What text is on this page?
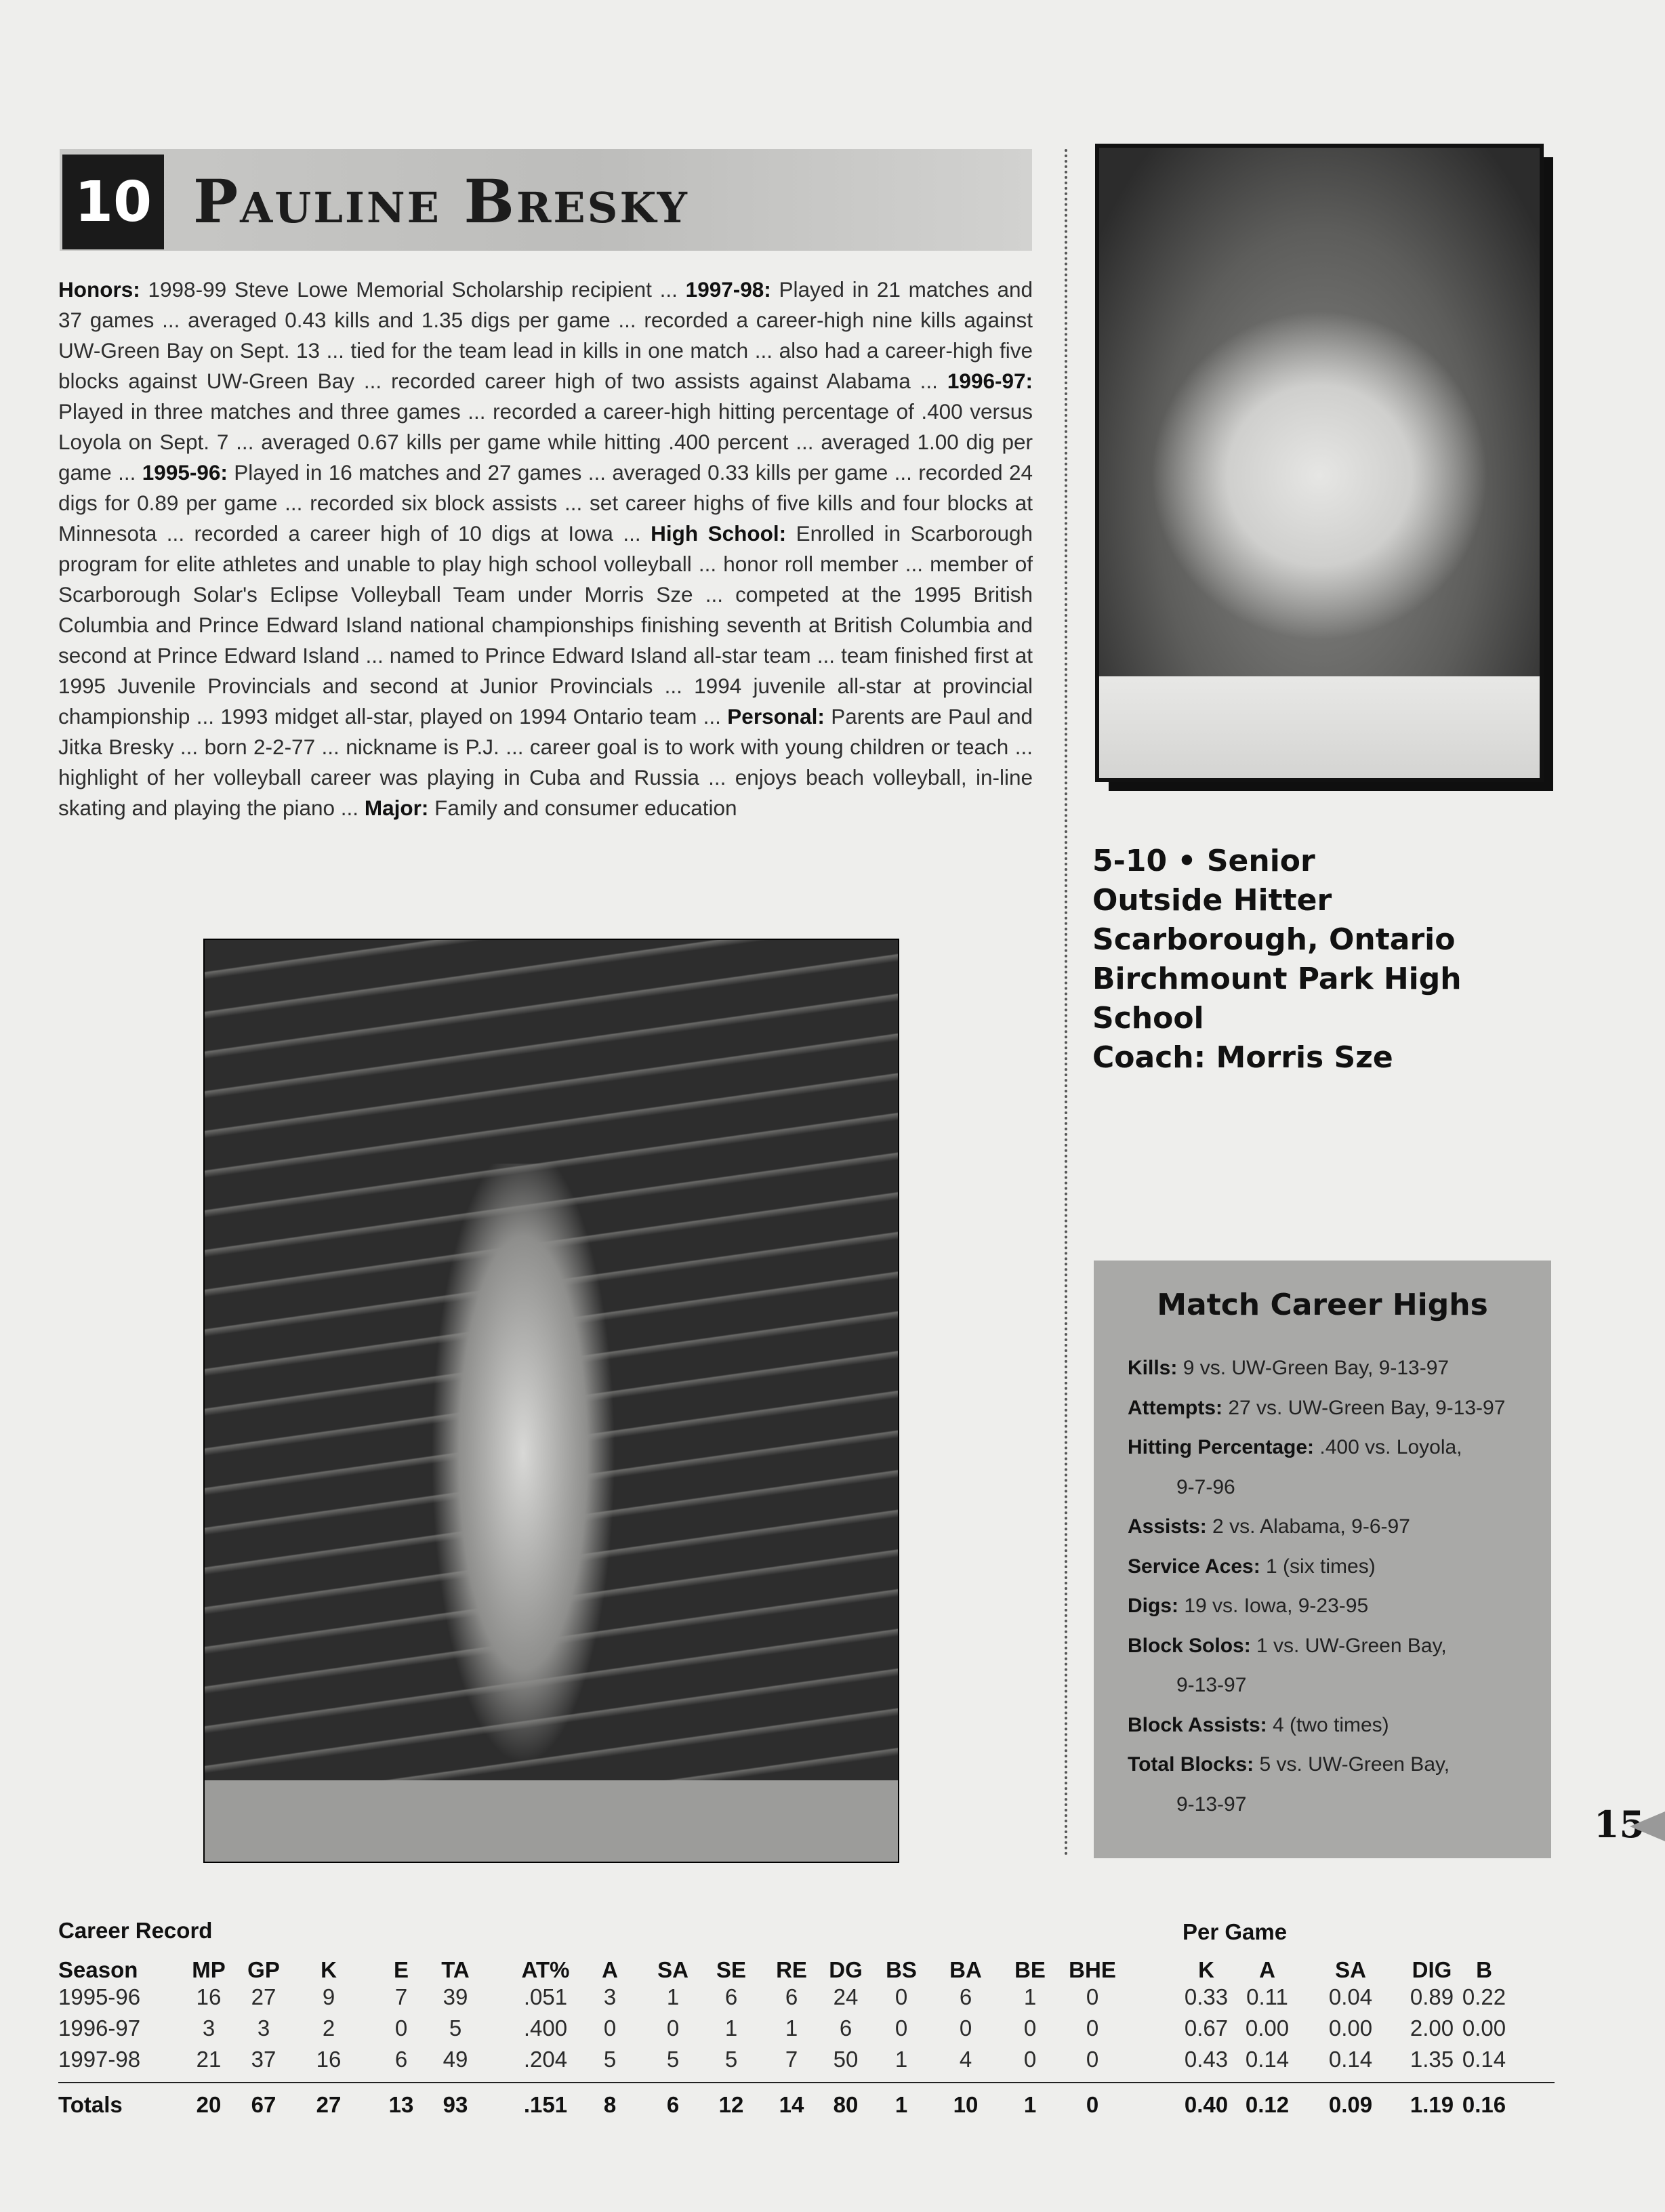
10 Pauline Bresky
Honors: 1998-99 Steve Lowe Memorial Scholarship recipient ... 1997-98: Played in 21 matches and 37 games ... averaged 0.43 kills and 1.35 digs per game ... recorded a career-high nine kills against UW-Green Bay on Sept. 13 ... tied for the team lead in kills in one match ... also had a career-high five blocks against UW-Green Bay ... recorded career high of two assists against Alabama ... 1996-97: Played in three matches and three games ... recorded a career-high hitting percentage of .400 versus Loyola on Sept. 7 ... averaged 0.67 kills per game while hitting .400 percent ... averaged 1.00 dig per game ... 1995-96: Played in 16 matches and 27 games ... averaged 0.33 kills per game ... recorded 24 digs for 0.89 per game ... recorded six block assists ... set career highs of five kills and four blocks at Minnesota ... recorded a career high of 10 digs at Iowa ... High School: Enrolled in Scarborough program for elite athletes and unable to play high school volleyball ... honor roll member ... member of Scarborough Solar's Eclipse Volleyball Team under Morris Sze ... competed at the 1995 British Columbia and Prince Edward Island national championships finishing seventh at British Columbia and second at Prince Edward Island ... named to Prince Edward Island all-star team ... team finished first at 1995 Juvenile Provincials and second at Junior Provincials ... 1994 juvenile all-star at provincial championship ... 1993 midget all-star, played on 1994 Ontario team ... Personal: Parents are Paul and Jitka Bresky ... born 2-2-77 ... nickname is P.J. ... career goal is to work with young children or teach ... highlight of her volleyball career was playing in Cuba and Russia ... enjoys beach volleyball, in-line skating and playing the piano ... Major: Family and consumer education
5-10 • Senior
Outside Hitter
Scarborough, Ontario
Birchmount Park High
School
Coach: Morris Sze
Match Career Highs
Kills: 9 vs. UW-Green Bay, 9-13-97
Attempts: 27 vs. UW-Green Bay, 9-13-97
Hitting Percentage: .400 vs. Loyola,
9-7-96
Assists: 2 vs. Alabama, 9-6-97
Service Aces: 1 (six times)
Digs: 19 vs. Iowa, 9-23-95
Block Solos: 1 vs. UW-Green Bay,
9-13-97
Block Assists: 4 (two times)
Total Blocks: 5 vs. UW-Green Bay,
9-13-97	15
Career Record	Per Game
Season MP GP K	E TA AT% A SA SE RE DG BS BA BE BHE	K A	SA DIG B
1995-96	16 27 9	7 39	.051 3 1 6 6 24 0 6 1 0	0.33 0.11 0.04 0.89 0.22
1996-97	3 3 2	0 5	.400 0 0 1 1 6 0 0 0 0	0.67 0.00 0.00 2.00 0.00
1997-98	21 37 16 6 49	.204 5 5 5 7 50 1 4 0 0	0.43 0.14 0.14 1.35 0.14
Totals	20 67 27 13 93	.151 8 6 12 14 80 1 10 1 0	0.40 0.12 0.09 1.19 0.16
